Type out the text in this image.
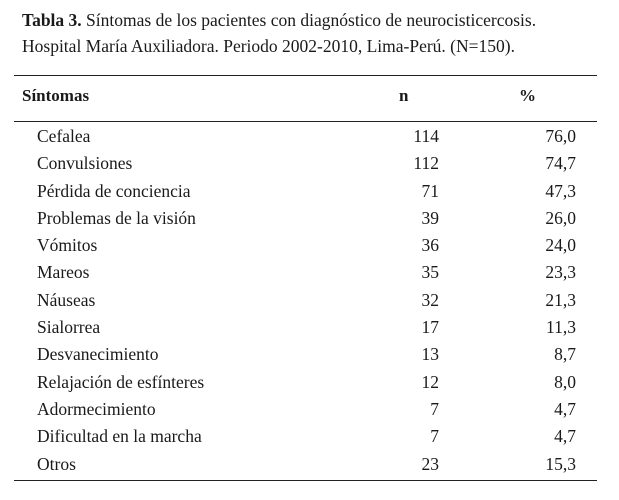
Tabla 3. Síntomas de los pacientes con diagnóstico de neurocisticercosis.
Hospital María Auxiliadora. Periodo 2002-2010, Lima-Perú. (N=150).
Síntomas	n	%
Cefalea	114	76,0
Convulsiones	112	74,7
Pérdida de conciencia	71	47,3
Problemas de la visión	39	26,0
Vómitos	36	24,0
Mareos	35	23,3
Náuseas	32	21,3
Sialorrea	17	11,3
Desvanecimiento	13	8,7
Relajación de esfínteres	12	8,0
Adormecimiento	7	4,7
Dificultad en la marcha	7	4,7
Otros	23	15,3
